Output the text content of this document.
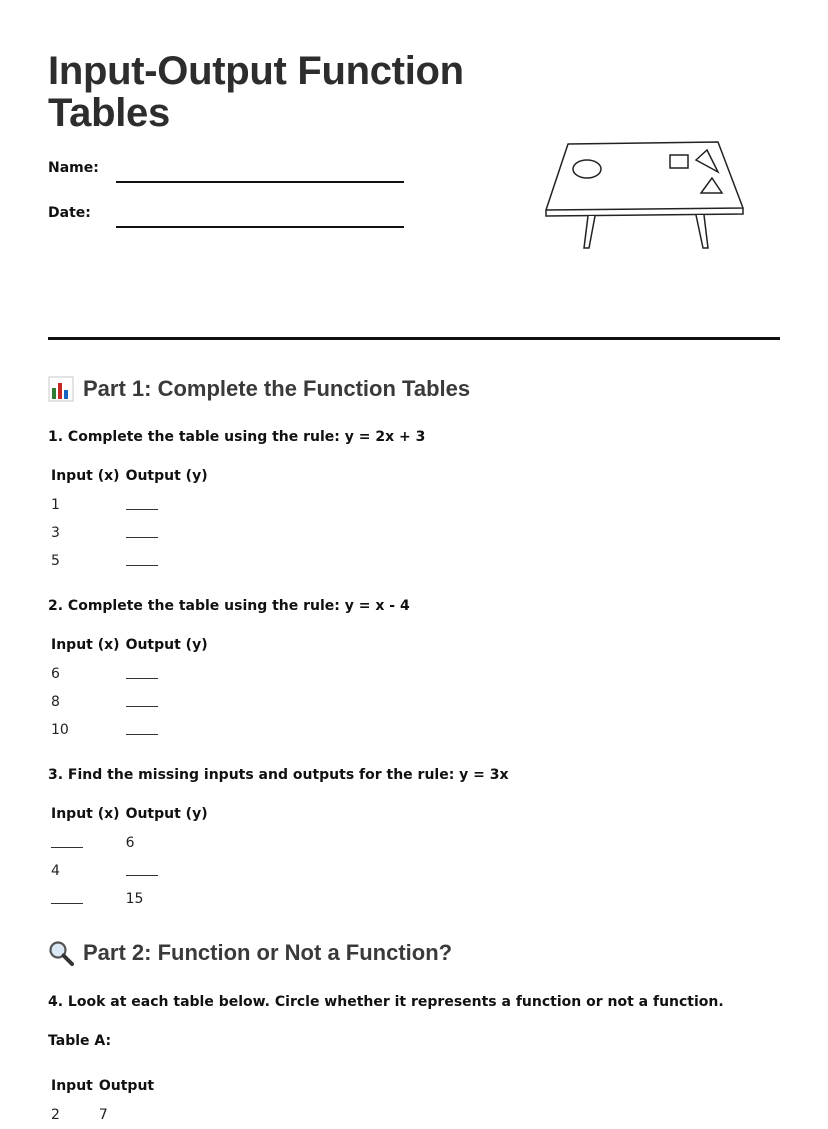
Input-Output Function Tables
Name:
Date:
Part 1: Complete the Function Tables
1. Complete the table using the rule: y = 2x + 3
Input (x)	Output (y)
1	
3	
5	
2. Complete the table using the rule: y = x - 4
Input (x)	Output (y)
6	
8	
10	
3. Find the missing inputs and outputs for the rule: y = 3x
Input (x)	Output (y)
	6
4	
	15
Part 2: Function or Not a Function?
4. Look at each table below. Circle whether it represents a function or not a function.
Table A:
Input	Output
2	7
